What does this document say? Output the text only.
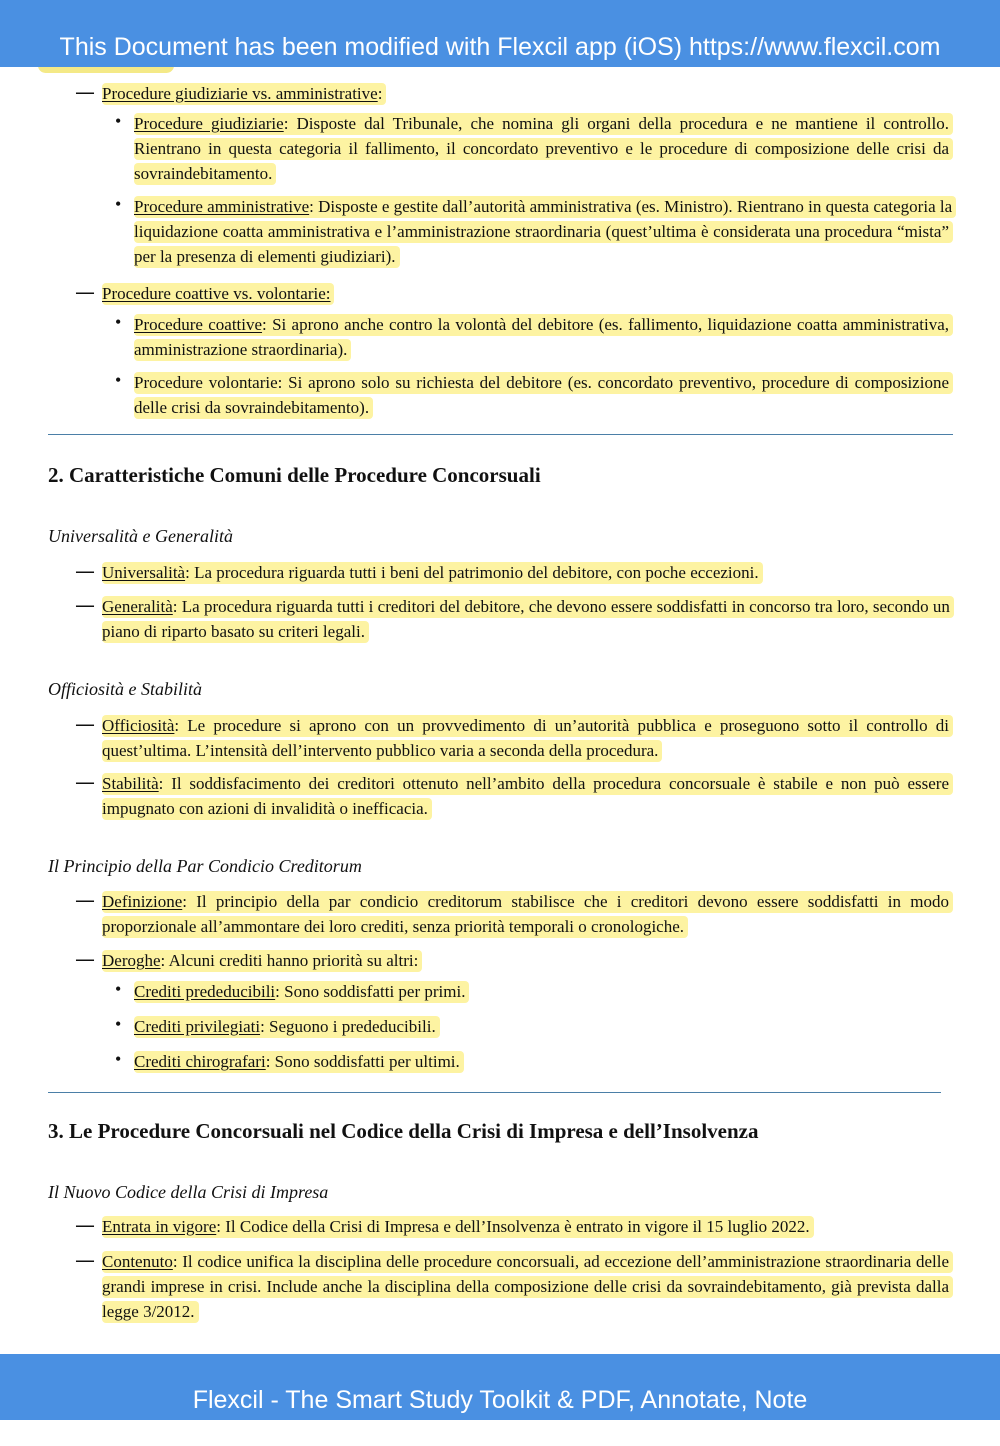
This Document has been modified with Flexcil app (iOS) https://www.flexcil.com
— Procedure giudiziarie vs. amministrative:
• Procedure giudiziarie: Disposte dal Tribunale, che nomina gli organi della procedura e ne mantiene il controllo. Rientrano in questa categoria il fallimento, il concordato preventivo e le procedure di composizione delle crisi da sovraindebitamento.
• Procedure amministrative: Disposte e gestite dall’autorità amministrativa (es. Ministro). Rientrano in questa categoria la liquidazione coatta amministrativa e l’amministrazione straordinaria (quest’ultima è considerata una procedura “mista” per la presenza di elementi giudiziari).
— Procedure coattive vs. volontarie:
• Procedure coattive: Si aprono anche contro la volontà del debitore (es. fallimento, liquidazione coatta amministrativa, amministrazione straordinaria).
• Procedure volontarie: Si aprono solo su richiesta del debitore (es. concordato preventivo, procedure di composizione delle crisi da sovraindebitamento).
2. Caratteristiche Comuni delle Procedure Concorsuali
Universalità e Generalità
— Universalità: La procedura riguarda tutti i beni del patrimonio del debitore, con poche eccezioni.
— Generalità: La procedura riguarda tutti i creditori del debitore, che devono essere soddisfatti in concorso tra loro, secondo un piano di riparto basato su criteri legali.
Officiosità e Stabilità
— Officiosità: Le procedure si aprono con un provvedimento di un’autorità pubblica e proseguono sotto il controllo di quest’ultima. L’intensità dell’intervento pubblico varia a seconda della procedura.
— Stabilità: Il soddisfacimento dei creditori ottenuto nell’ambito della procedura concorsuale è stabile e non può essere impugnato con azioni di invalidità o inefficacia.
Il Principio della Par Condicio Creditorum
— Definizione: Il principio della par condicio creditorum stabilisce che i creditori devono essere soddisfatti in modo proporzionale all’ammontare dei loro crediti, senza priorità temporali o cronologiche.
— Deroghe: Alcuni crediti hanno priorità su altri:
• Crediti prededucibili: Sono soddisfatti per primi.
• Crediti privilegiati: Seguono i prededucibili.
• Crediti chirografari: Sono soddisfatti per ultimi.
3. Le Procedure Concorsuali nel Codice della Crisi di Impresa e dell’Insolvenza
Il Nuovo Codice della Crisi di Impresa
— Entrata in vigore: Il Codice della Crisi di Impresa e dell’Insolvenza è entrato in vigore il 15 luglio 2022.
— Contenuto: Il codice unifica la disciplina delle procedure concorsuali, ad eccezione dell’amministrazione straordinaria delle grandi imprese in crisi. Include anche la disciplina della composizione delle crisi da sovraindebitamento, già prevista dalla legge 3/2012.
Flexcil - The Smart Study Toolkit & PDF, Annotate, Note
